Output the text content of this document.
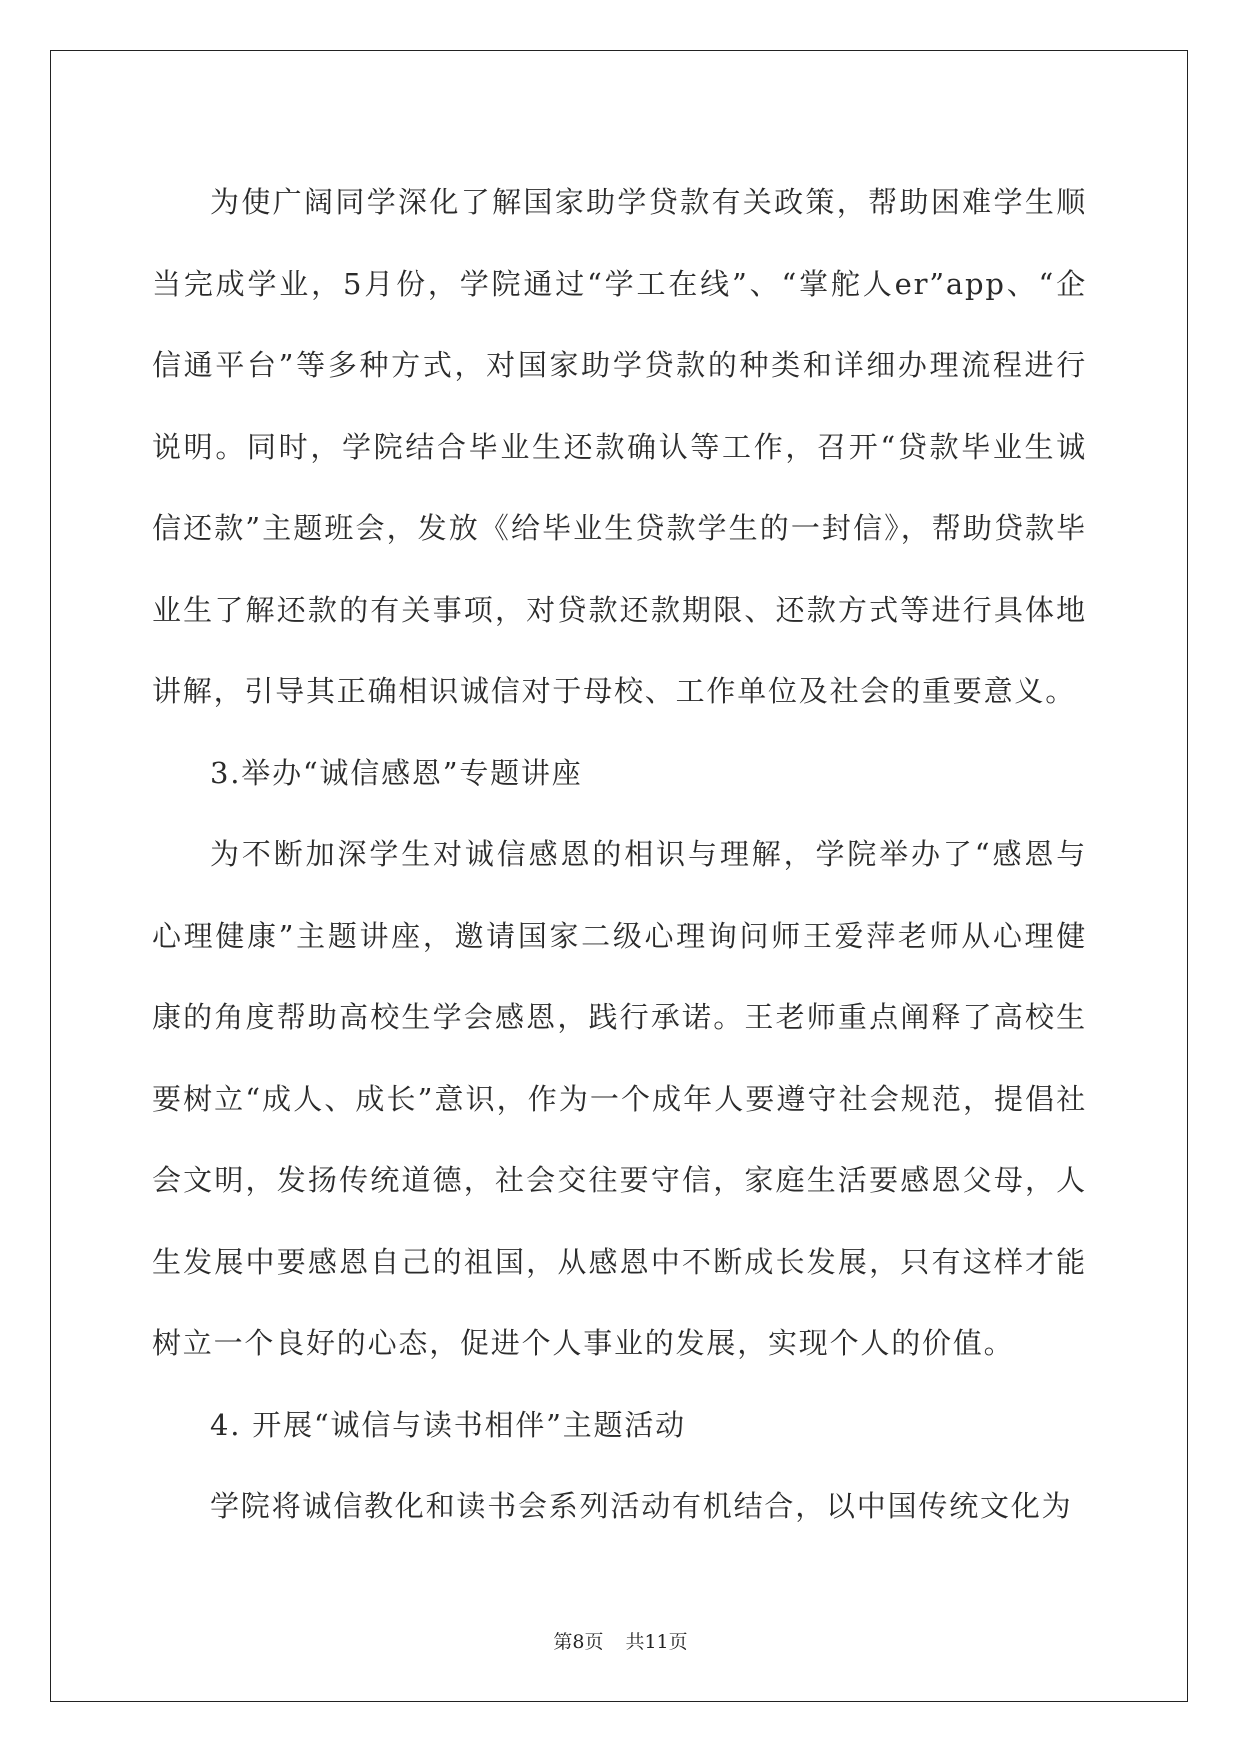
为使广阔同学深化了解国家助学贷款有关政策，帮助困难学生顺当完成学业，5月份，学院通过“学工在线”、“掌舵人er”app、“企信通平台”等多种方式，对国家助学贷款的种类和详细办理流程进行说明。同时，学院结合毕业生还款确认等工作，召开“贷款毕业生诚信还款”主题班会，发放《给毕业生贷款学生的一封信》，帮助贷款毕业生了解还款的有关事项，对贷款还款期限、还款方式等进行具体地讲解，引导其正确相识诚信对于母校、工作单位及社会的重要意义。

3.举办“诚信感恩”专题讲座

为不断加深学生对诚信感恩的相识与理解，学院举办了“感恩与心理健康”主题讲座，邀请国家二级心理询问师王爱萍老师从心理健康的角度帮助高校生学会感恩，践行承诺。王老师重点阐释了高校生要树立“成人、成长”意识，作为一个成年人要遵守社会规范，提倡社会文明，发扬传统道德，社会交往要守信，家庭生活要感恩父母，人生发展中要感恩自己的祖国，从感恩中不断成长发展，只有这样才能树立一个良好的心态，促进个人事业的发展，实现个人的价值。

4. 开展“诚信与读书相伴”主题活动

学院将诚信教化和读书会系列活动有机结合，以中国传统文化为

第8页 共11页
